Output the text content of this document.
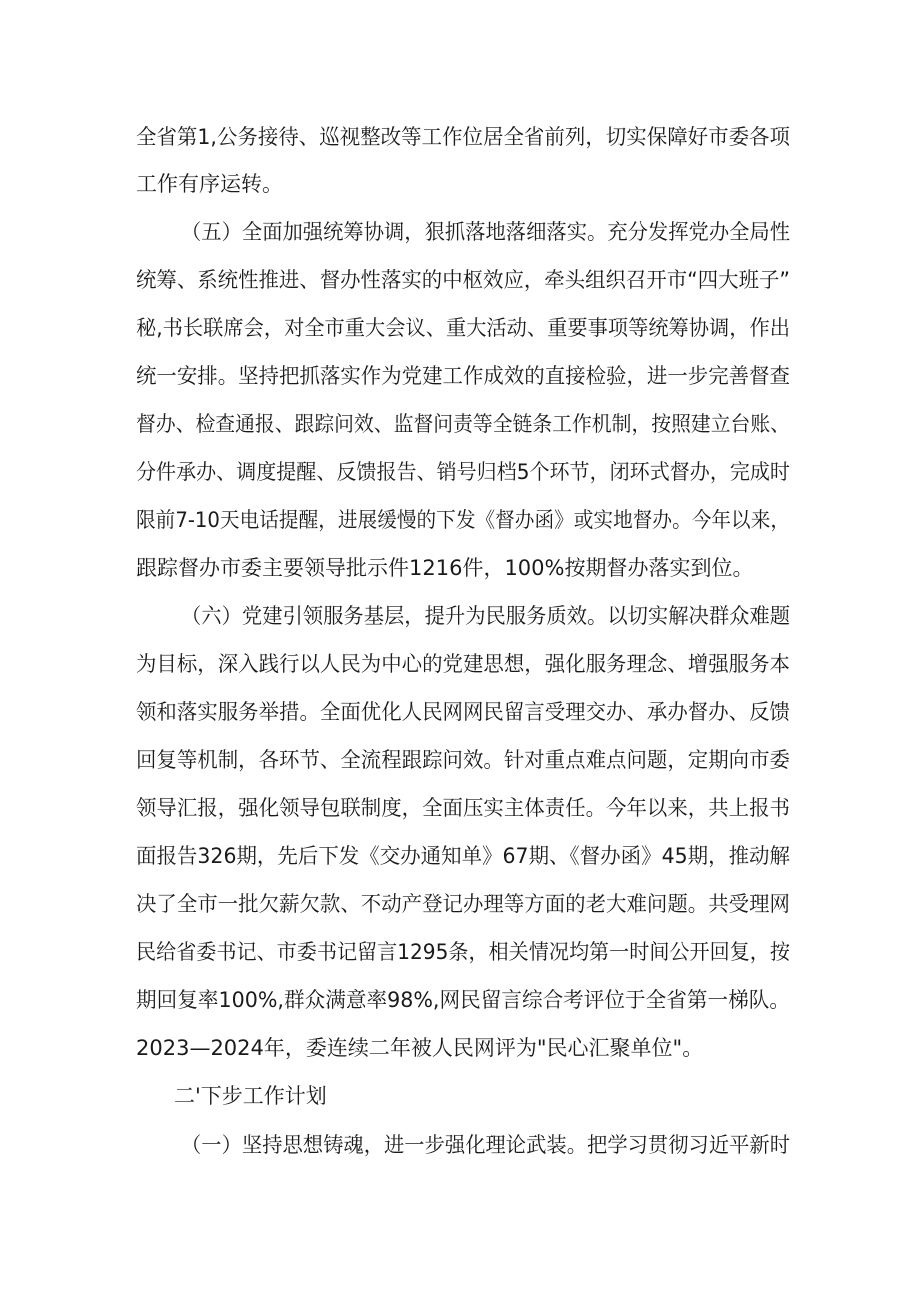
全省第1,公务接待、巡视整改等工作位居全省前列，切实保障好市委各项
工作有序运转。
（五）全面加强统筹协调，狠抓落地落细落实。充分发挥党办全局性
统筹、系统性推进、督办性落实的中枢效应，牵头组织召开市“四大班子”
秘,书长联席会，对全市重大会议、重大活动、重要事项等统筹协调，作出
统一安排。坚持把抓落实作为党建工作成效的直接检验，进一步完善督查
督办、检查通报、跟踪问效、监督问责等全链条工作机制，按照建立台账、
分件承办、调度提醒、反馈报告、销号归档5个环节，闭环式督办，完成时
限前7-10天电话提醒，进展缓慢的下发《督办函》或实地督办。今年以来，
跟踪督办市委主要领导批示件1216件，100%按期督办落实到位。
（六）党建引领服务基层，提升为民服务质效。以切实解决群众难题
为目标，深入践行以人民为中心的党建思想，强化服务理念、增强服务本
领和落实服务举措。全面优化人民网网民留言受理交办、承办督办、反馈
回复等机制，各环节、全流程跟踪问效。针对重点难点问题，定期向市委
领导汇报，强化领导包联制度，全面压实主体责任。今年以来，共上报书
面报告326期，先后下发《交办通知单》67期、《督办函》45期，推动解
决了全市一批欠薪欠款、不动产登记办理等方面的老大难问题。共受理网
民给省委书记、市委书记留言1295条，相关情况均第一时间公开回复，按
期回复率100%,群众满意率98%,网民留言综合考评位于全省第一梯队。
2023—2024年，委连续二年被人民网评为"民心汇聚单位"。
二'下步工作计划
（一）坚持思想铸魂，进一步强化理论武装。把学习贯彻习近平新时
